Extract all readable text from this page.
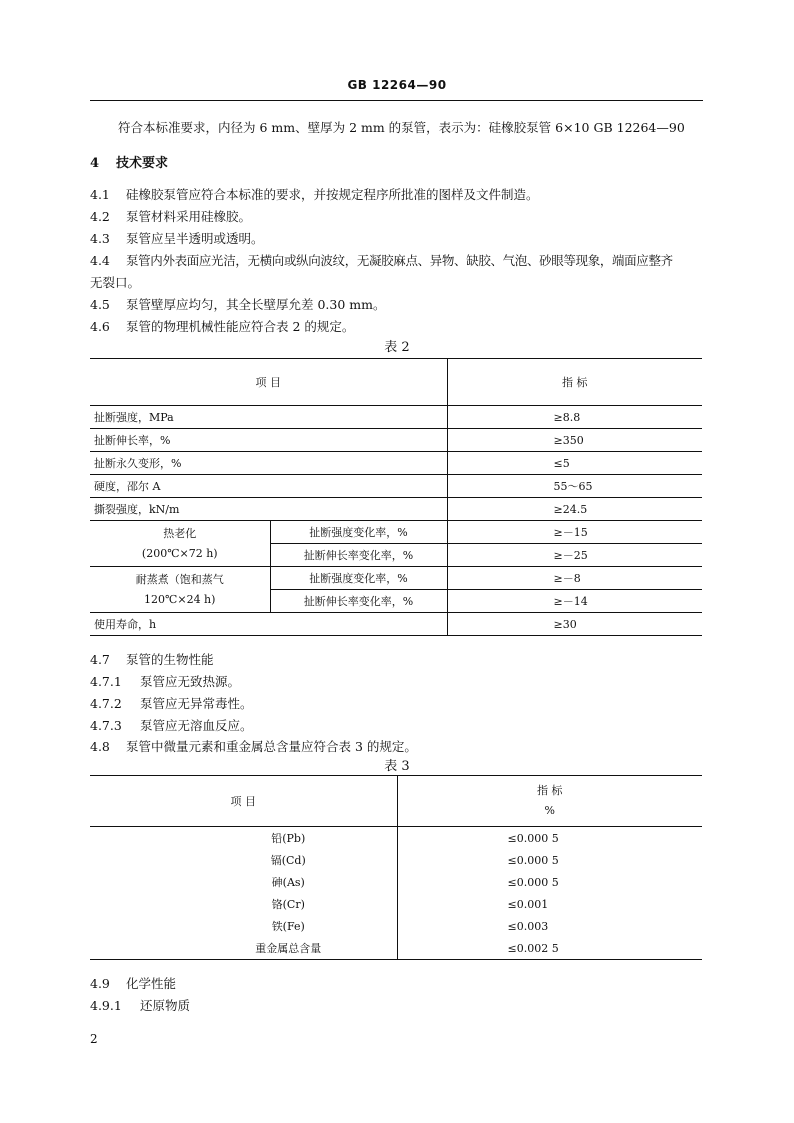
GB 12264—90
符合本标准要求，内径为 6 mm、壁厚为 2 mm 的泵管，表示为：硅橡胶泵管 6×10 GB 12264—90
4 技术要求
4.1 硅橡胶泵管应符合本标准的要求，并按规定程序所批准的图样及文件制造。
4.2 泵管材料采用硅橡胶。
4.3 泵管应呈半透明或透明。
4.4 泵管内外表面应光洁，无横向或纵向波纹，无凝胶麻点、异物、缺胶、气泡、砂眼等现象，端面应整齐
无裂口。
4.5 泵管壁厚应均匀，其全长壁厚允差 0.30 mm。
4.6 泵管的物理机械性能应符合表 2 的规定。
表 2
项 目		指 标
扯断强度，MPa		≥8.8
扯断伸长率，%		≥350
扯断永久变形，%		≤5
硬度，邵尔 A		55～65
撕裂强度，kN/m		≥24.5

热老化
(200℃×72 h)	扯断强度变化率，%	≥－15
	扯断伸长率变化率，%	≥－25

耐蒸煮（饱和蒸气
120℃×24 h)	扯断强度变化率，%	≥－8
	扯断伸长率变化率，%	≥－14
使用寿命，h		≥30
4.7 泵管的生物性能
4.7.1 泵管应无致热源。
4.7.2 泵管应无异常毒性。
4.7.3 泵管应无溶血反应。
4.8 泵管中微量元素和重金属总含量应符合表 3 的规定。
表 3
项 目	指 标
%

铅(Pb)	≤0.000 5
镉(Cd)	≤0.000 5
砷(As)	≤0.000 5
铬(Cr)	≤0.001
铁(Fe)	≤0.003
重金属总含量	≤0.002 5
4.9 化学性能
4.9.1 还原物质
2
